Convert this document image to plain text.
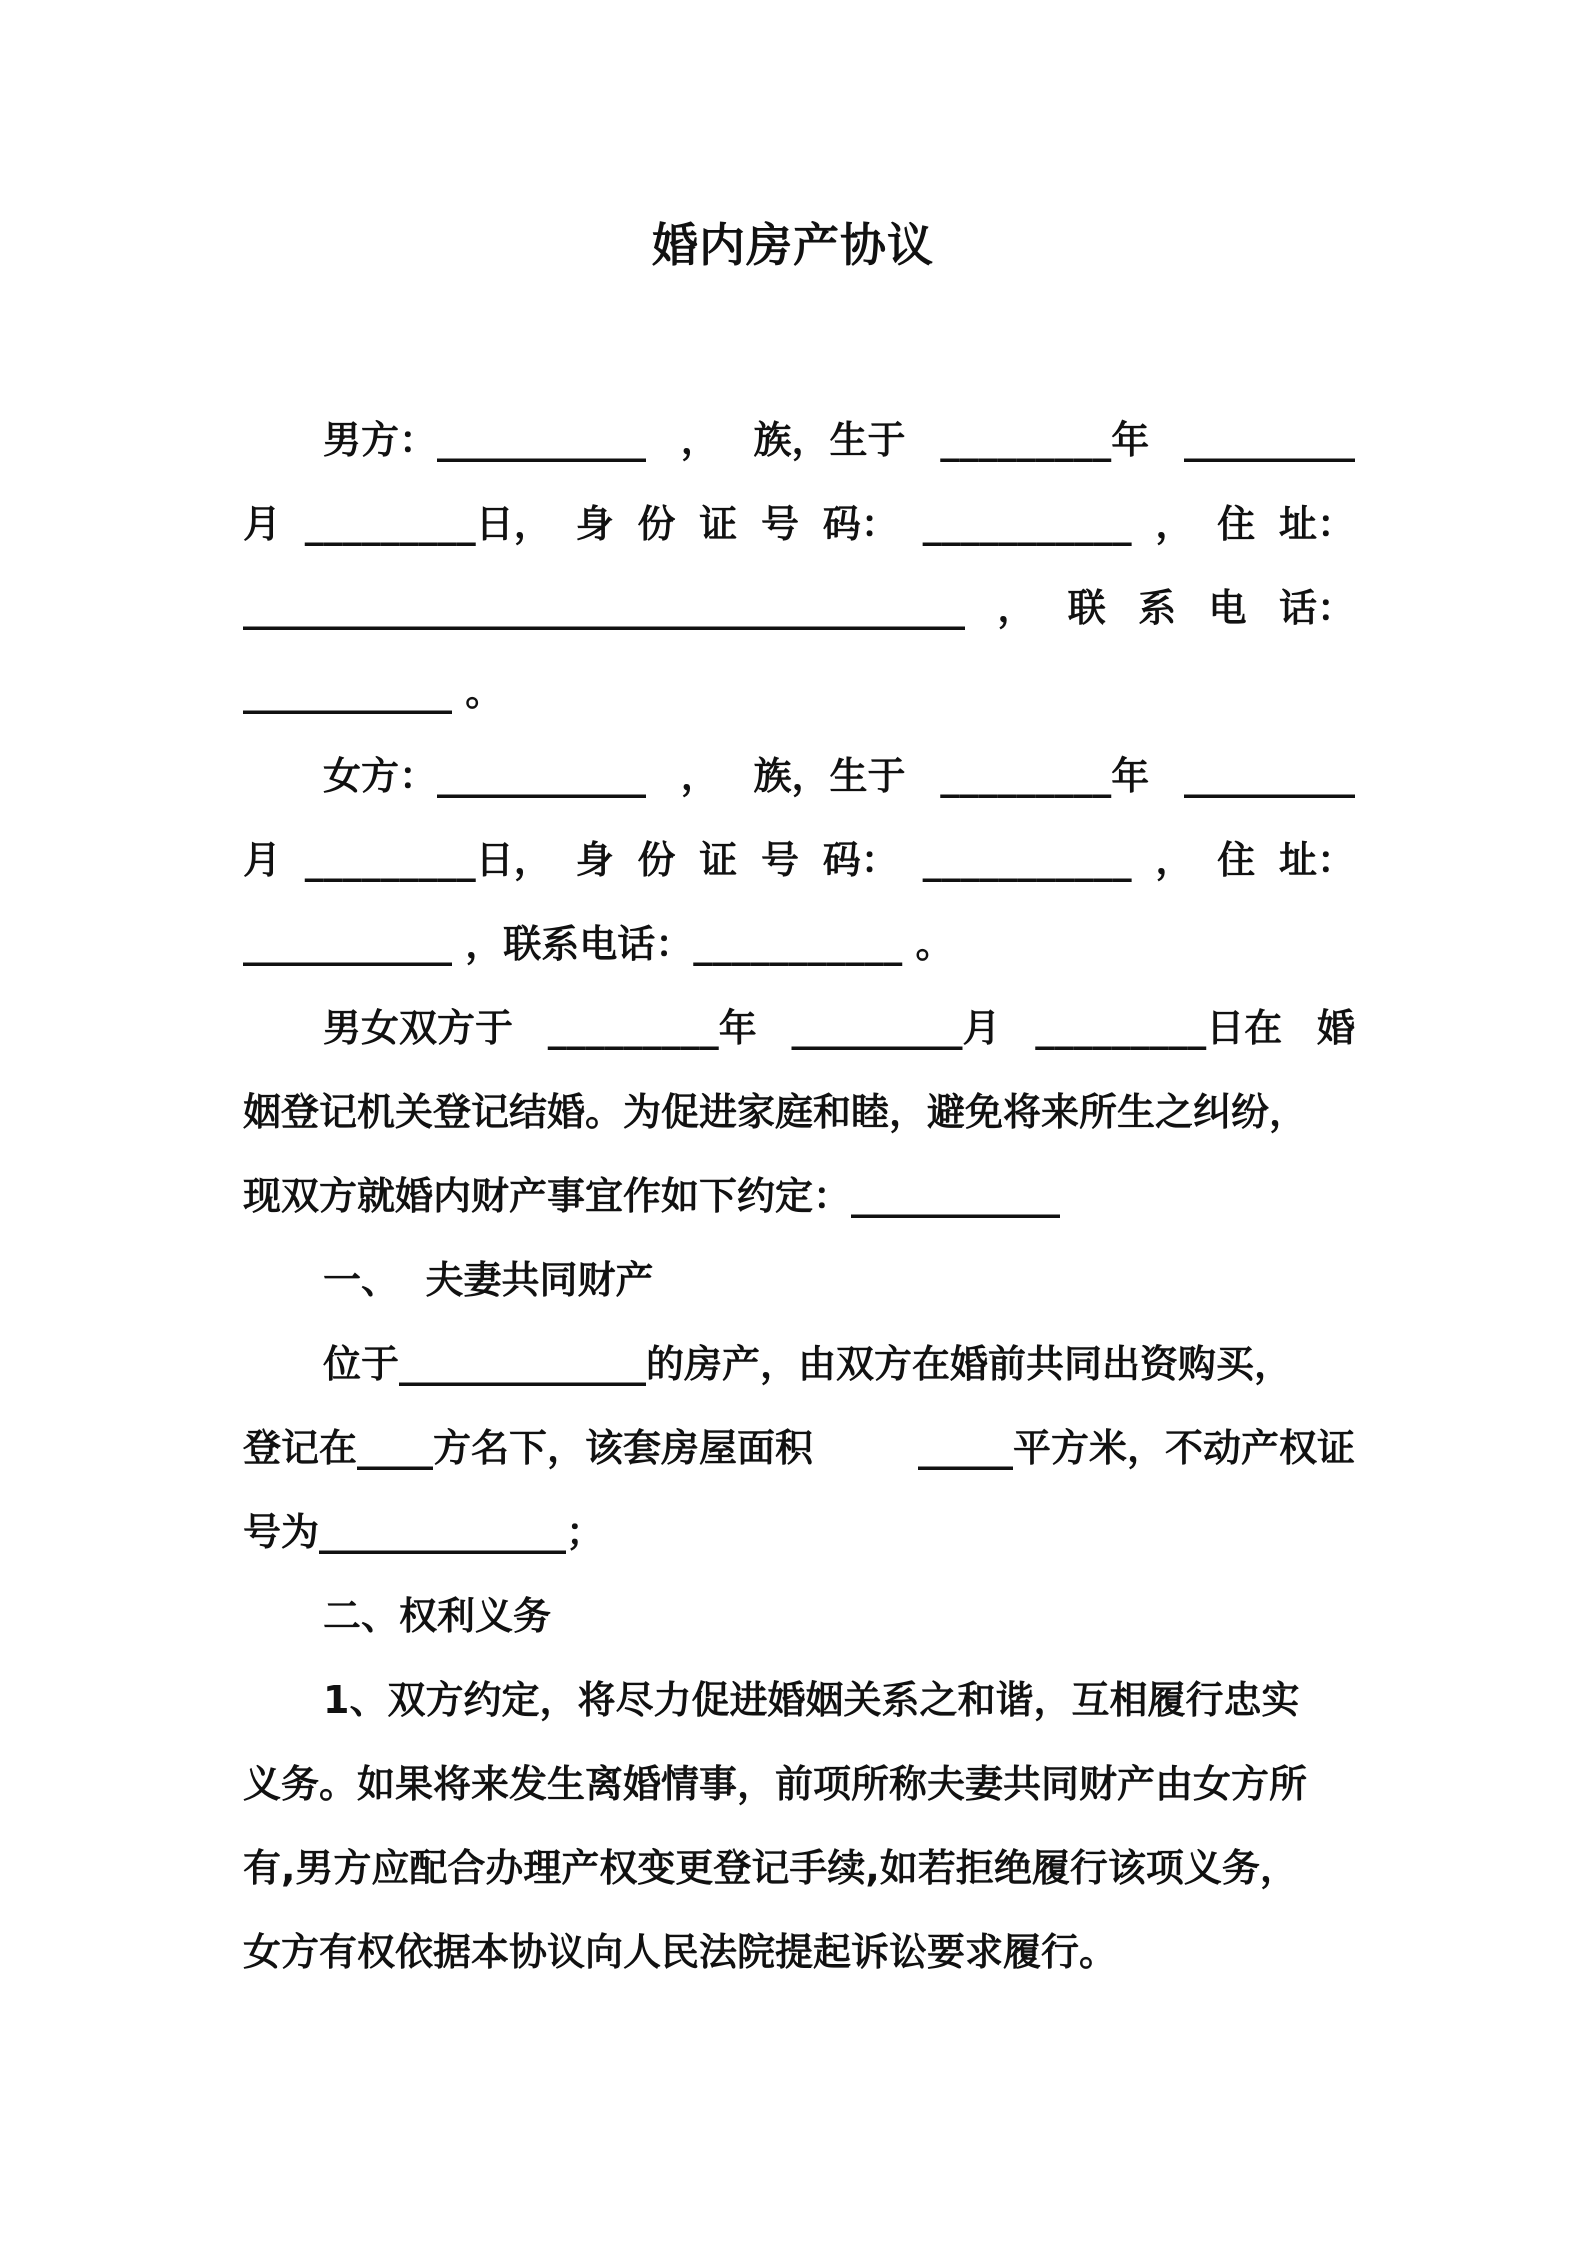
婚内房产协议
男方：___________ ， 族，生于 _________年 _________
月 _________日， 身 份 证 号 码： ___________ ， 住 址：
______________________________________ ， 联 系 电 话：
___________ 。
女方：___________ ， 族，生于 _________年 _________
月 _________日， 身 份 证 号 码： ___________ ， 住 址：
___________ ，联系电话：___________ 。
男女双方于 _________年 _________月 _________日在 婚
姻登记机关登记结婚。为促进家庭和睦，避免将来所生之纠纷，
现双方就婚内财产事宜作如下约定：___________
一、  夫妻共同财产
位于_____________的房产，由双方在婚前共同出资购买，
登记在____方名下，该套房屋面积	_____平方米，不动产权证
号为_____________；
二、权利义务
1、双方约定，将尽力促进婚姻关系之和谐，互相履行忠实
义务。如果将来发生离婚情事，前项所称夫妻共同财产由女方所
有,男方应配合办理产权变更登记手续,如若拒绝履行该项义务，
女方有权依据本协议向人民法院提起诉讼要求履行。
